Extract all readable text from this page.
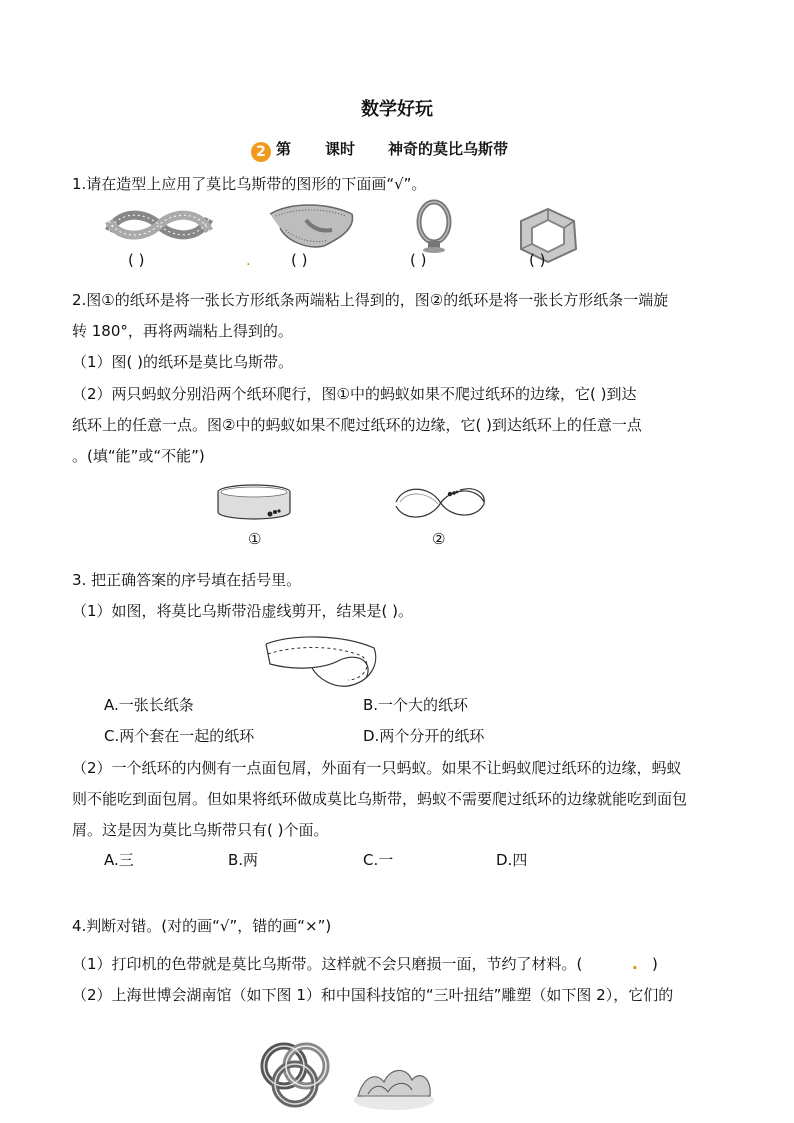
数学好玩
2 第 课时 神奇的莫比乌斯带
1.请在造型上应用了莫比乌斯带的图形的下面画“√”。
( )	.	( )	( )	( )
2.图①的纸环是将一张长方形纸条两端粘上得到的，图②的纸环是将一张长方形纸条一端旋
转 180°，再将两端粘上得到的。
（1）图( )的纸环是莫比乌斯带。
（2）两只蚂蚁分别沿两个纸环爬行，图①中的蚂蚁如果不爬过纸环的边缘，它( )到达
纸环上的任意一点。图②中的蚂蚁如果不爬过纸环的边缘，它( )到达纸环上的任意一点
。(填“能”或“不能”)
①	②
3. 把正确答案的序号填在括号里。
（1）如图，将莫比乌斯带沿虚线剪开，结果是( )。
A.一张长纸条	B.一个大的纸环
C.两个套在一起的纸环	D.两个分开的纸环
（2）一个纸环的内侧有一点面包屑，外面有一只蚂蚁。如果不让蚂蚁爬过纸环的边缘，蚂蚁
则不能吃到面包屑。但如果将纸环做成莫比乌斯带，蚂蚁不需要爬过纸环的边缘就能吃到面包
屑。这是因为莫比乌斯带只有( )个面。
A.三	B.两	C.一	D.四
4.判断对错。(对的画“√”，错的画“×”)
（1）打印机的色带就是莫比乌斯带。这样就不会只磨损一面，节约了材料。(	. )
（2）上海世博会湖南馆（如下图 1）和中国科技馆的“三叶扭结”雕塑（如下图 2），它们的
